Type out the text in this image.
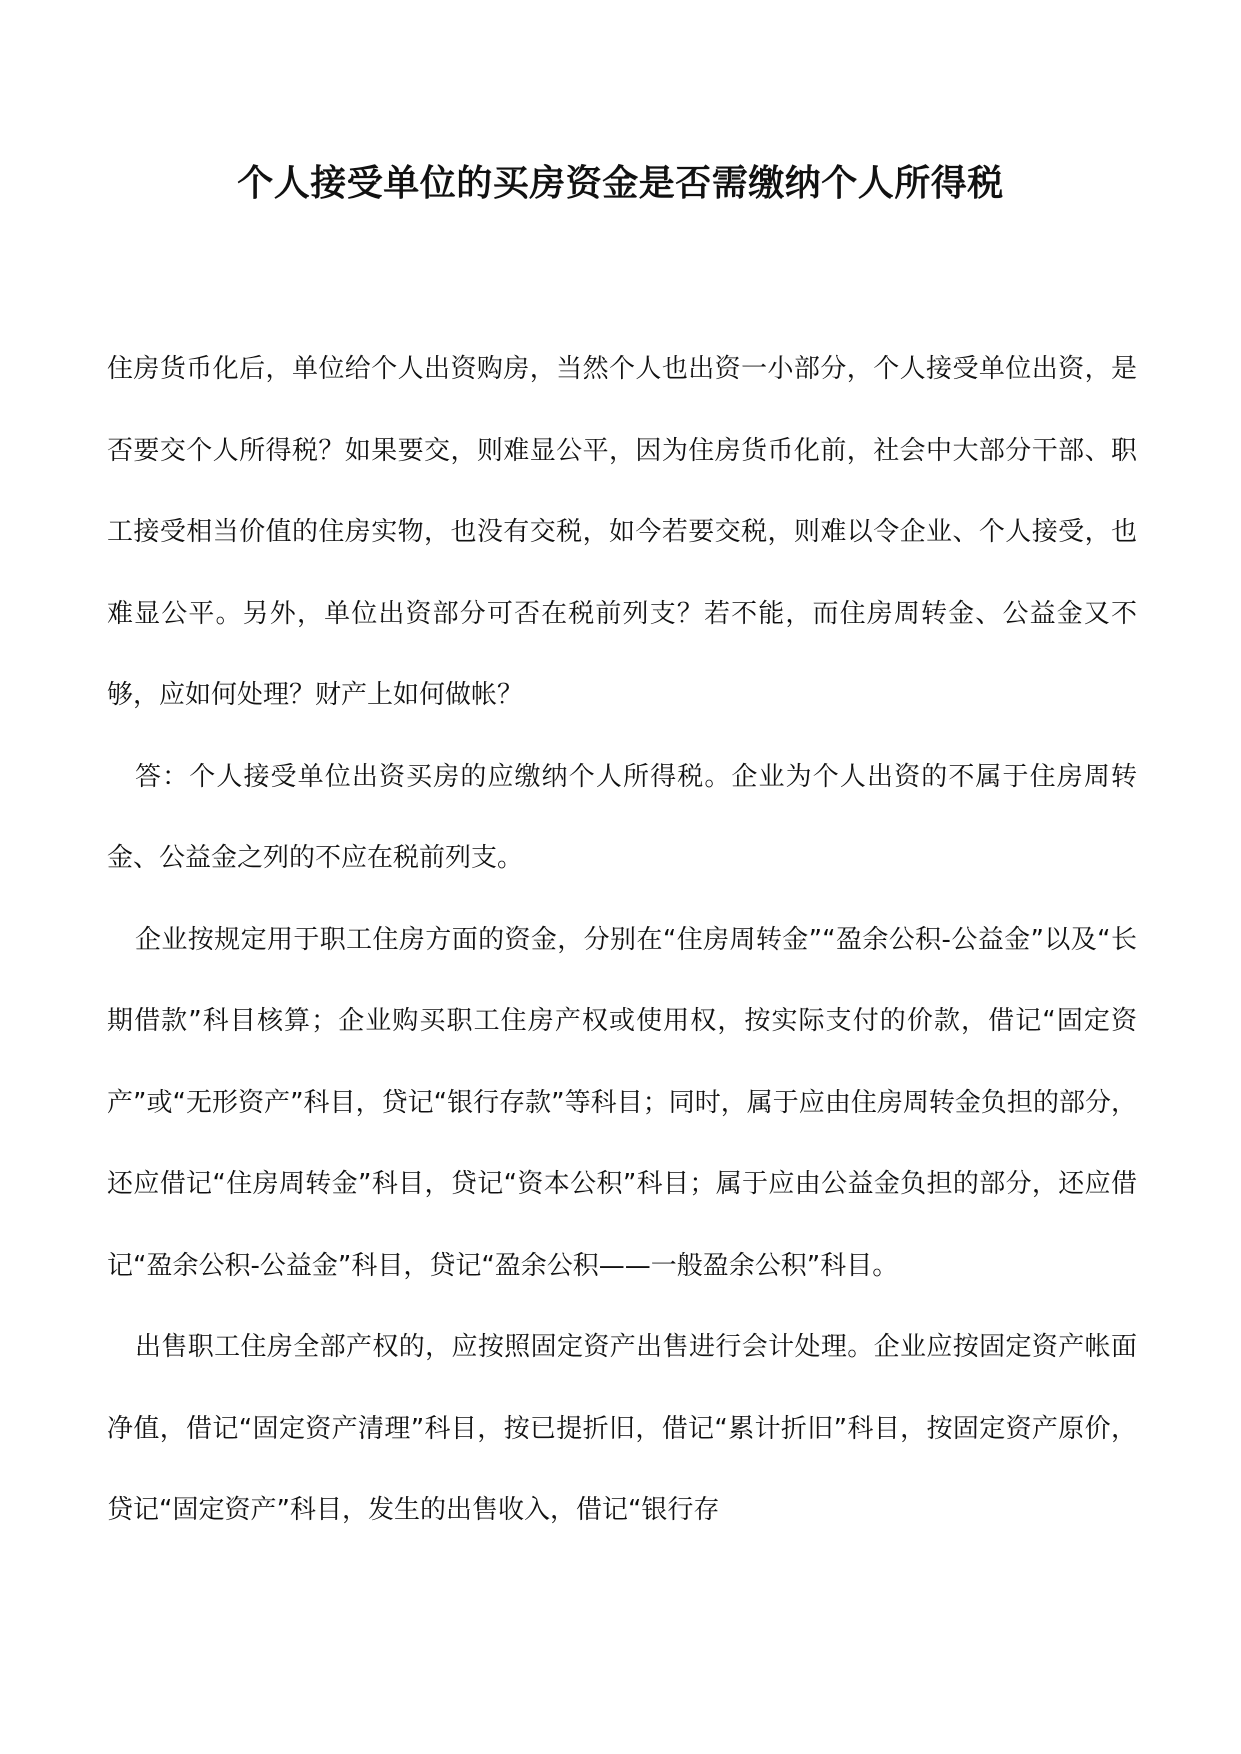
个人接受单位的买房资金是否需缴纳个人所得税

住房货币化后，单位给个人出资购房，当然个人也出资一小部分，个人接受单位出资，是否要交个人所得税？如果要交，则难显公平，因为住房货币化前，社会中大部分干部、职工接受相当价值的住房实物，也没有交税，如今若要交税，则难以令企业、个人接受，也难显公平。另外，单位出资部分可否在税前列支？若不能，而住房周转金、公益金又不够，应如何处理？财产上如何做帐？

答：个人接受单位出资买房的应缴纳个人所得税。企业为个人出资的不属于住房周转金、公益金之列的不应在税前列支。

企业按规定用于职工住房方面的资金，分别在“住房周转金”“盈余公积-公益金”以及“长期借款”科目核算；企业购买职工住房产权或使用权，按实际支付的价款，借记“固定资产”或“无形资产”科目，贷记“银行存款”等科目；同时，属于应由住房周转金负担的部分，还应借记“住房周转金”科目，贷记“资本公积”科目；属于应由公益金负担的部分，还应借记“盈余公积-公益金”科目，贷记“盈余公积——一般盈余公积”科目。

出售职工住房全部产权的，应按照固定资产出售进行会计处理。企业应按固定资产帐面净值，借记“固定资产清理”科目，按已提折旧，借记“累计折旧”科目，按固定资产原价，贷记“固定资产”科目，发生的出售收入，借记“银行存
